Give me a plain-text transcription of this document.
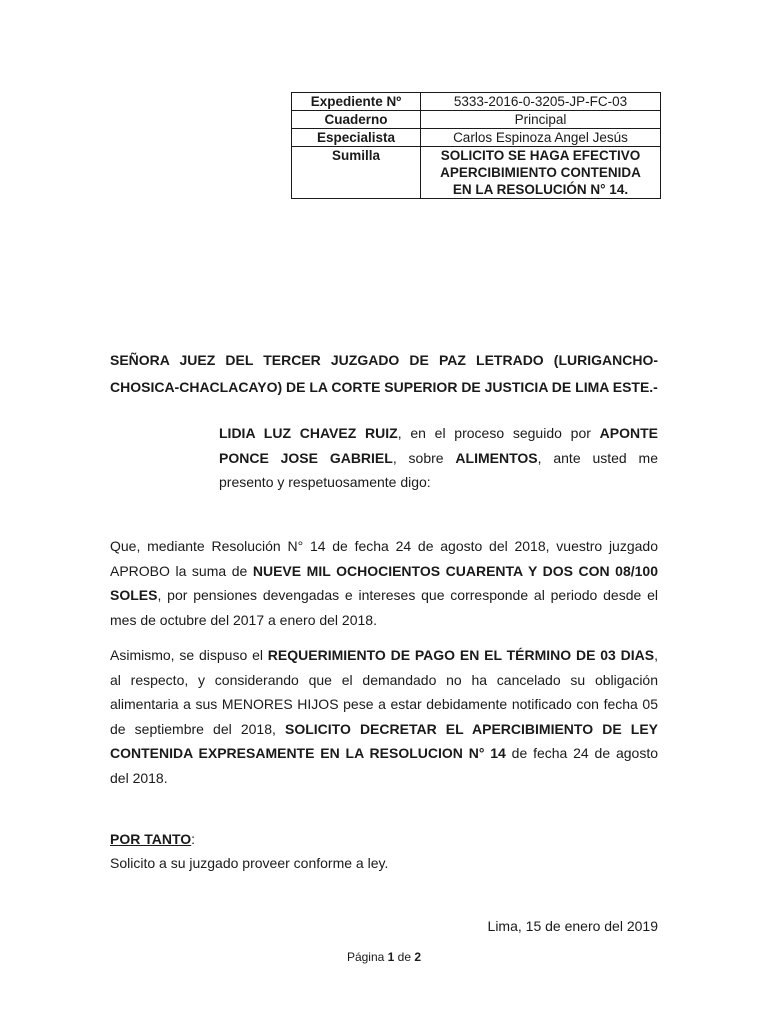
Expediente Nº	5333-2016-0-3205-JP-FC-03
Cuaderno	Principal
Especialista	Carlos Espinoza Angel Jesús
Sumilla	SOLICITO SE HAGA EFECTIVO
APERCIBIMIENTO CONTENIDA
EN LA RESOLUCIÓN N° 14.
SEÑORA JUEZ DEL TERCER JUZGADO DE PAZ LETRADO (LURIGANCHO-CHOSICA-CHACLACAYO) DE LA CORTE SUPERIOR DE JUSTICIA DE LIMA ESTE.-
LIDIA LUZ CHAVEZ RUIZ, en el proceso seguido por APONTE PONCE JOSE GABRIEL, sobre ALIMENTOS, ante usted me presento y respetuosamente digo:
Que, mediante Resolución N° 14 de fecha 24 de agosto del 2018, vuestro juzgado APROBO la suma de NUEVE MIL OCHOCIENTOS CUARENTA Y DOS CON 08/100 SOLES, por pensiones devengadas e intereses que corresponde al periodo desde el mes de octubre del 2017 a enero del 2018.
Asimismo, se dispuso el REQUERIMIENTO DE PAGO EN EL TÉRMINO DE 03 DIAS, al respecto, y considerando que el demandado no ha cancelado su obligación alimentaria a sus MENORES HIJOS pese a estar debidamente notificado con fecha 05 de septiembre del 2018, SOLICITO DECRETAR EL APERCIBIMIENTO DE LEY CONTENIDA EXPRESAMENTE EN LA RESOLUCION N° 14 de fecha 24 de agosto del 2018.
POR TANTO:
Solicito a su juzgado proveer conforme a ley.
Lima, 15 de enero del 2019
Página 1 de 2
